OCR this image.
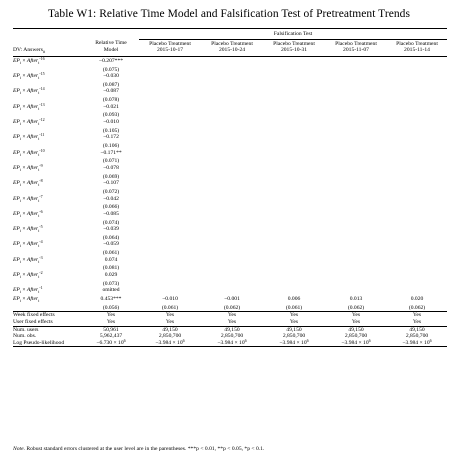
Table W1: Relative Time Model and Falsification Test of Pretreatment Trends
		Falsification Test				
	Relative Time	Placebo Treatment	Placebo Treatment	Placebo Treatment	Placebo Treatment	Placebo Treatment
DV: Answers$_{it}$	Model	2015-10-17	2015-10-24	2015-10-31	2015-11-07	2015-11-14

$EP_i$ × After$_t^{-16}$	−0.207***					
	(0.075)					
$EP_i$ × After$_t^{-15}$	−0.030					
	(0.087)					
$EP_i$ × After$_t^{-14}$	−0.087					
	(0.078)					
$EP_i$ × After$_t^{-13}$	−0.021					
	(0.093)					
$EP_i$ × After$_t^{-12}$	−0.010					
	(0.105)					
$EP_i$ × After$_t^{-11}$	−0.172					
	(0.106)					
$EP_i$ × After$_t^{-10}$	−0.171**					
	(0.071)					
$EP_i$ × After$_t^{-9}$	−0.078					
	(0.069)					
$EP_i$ × After$_t^{-8}$	−0.107					
	(0.072)					
$EP_i$ × After$_t^{-7}$	−0.042					
	(0.066)					
$EP_i$ × After$_t^{-6}$	−0.085					
	(0.074)					
$EP_i$ × After$_t^{-5}$	−0.039					
	(0.064)					
$EP_i$ × After$_t^{-4}$	−0.059					
	(0.061)					
$EP_i$ × After$_t^{-3}$	0.074					
	(0.081)					
$EP_i$ × After$_t^{-2}$	0.029					
	(0.073)					
$EP_i$ × After$_t^{-1}$	omitted					
$EP_i$ × After$_t$	0.453***	−0.010	−0.001	0.006	0.013	0.020
	(0.056)	(0.061)	(0.062)	(0.061)	(0.062)	(0.062)
Week fixed effects	Yes	Yes	Yes	Yes	Yes	Yes
User fixed effects	Yes	Yes	Yes	Yes	Yes	Yes
Num. users	50,961	49,150	49,150	49,150	49,150	49,150
Num. obs.	5,962,437	2,850,700	2,850,700	2,850,700	2,850,700	2,850,700
Log Pseudo-likelihood	$-6.730 \times 10^6$	$-3.984 \times 10^6$	$-3.984 \times 10^6$	$-3.984 \times 10^6$	$-3.984 \times 10^6$	$-3.984 \times 10^6$
Note. Robust standard errors clustered at the user level are in the parentheses. ***p < 0.01, **p < 0.05, *p < 0.1.
